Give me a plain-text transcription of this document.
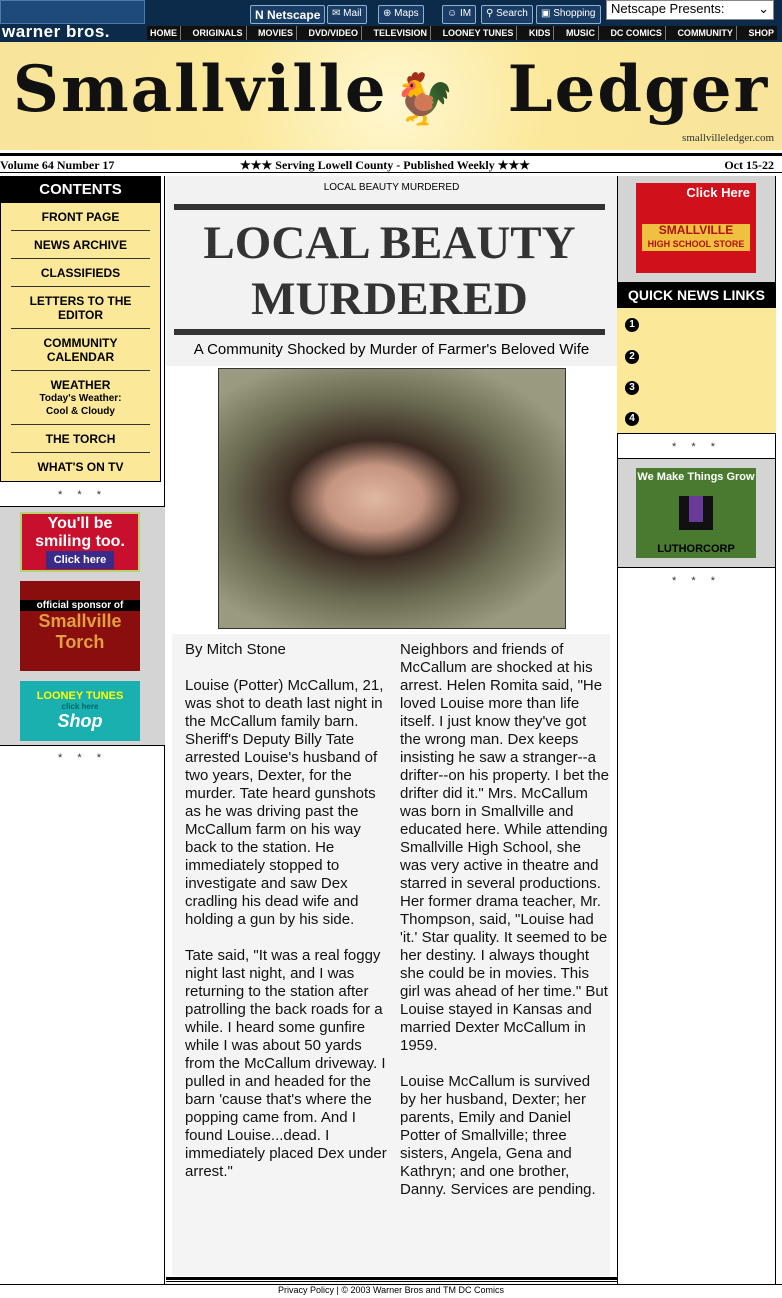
warner bros.
N Netscape	✉ Mail	⊕ Maps	☺ IM	⚲ Search	▣ Shopping	Netscape Presents:	⌄
HOME	ORIGINALS	MOVIES	DVD/VIDEO	TELEVISION	LOONEY TUNES	KIDS	MUSIC	DC COMICS	COMMUNITY	SHOP
Smallville Ledger
🐓
smallvilleledger.com
Volume 64 Number 17	★★★ Serving Lowell County - Published Weekly ★★★	Oct 15-22
CONTENTS
FRONT PAGE
NEWS ARCHIVE
CLASSIFIEDS
LETTERS TO THE EDITOR
COMMUNITY CALENDAR
WEATHER
Today's Weather:
Cool & Cloudy
THE TORCH
WHAT'S ON TV
* * *
You'll be smiling too.
Click here
official sponsor of
Smallville Torch
LOONEY TUNES
click here
Shop
* * *
LOCAL BEAUTY MURDERED
LOCAL BEAUTY MURDERED
A Community Shocked by Murder of Farmer's Beloved Wife

By Mitch Stone

Louise (Potter) McCallum, 21, was shot to death last night in the McCallum family barn. Sheriff's Deputy Billy Tate arrested Louise's husband of two years, Dexter, for the murder. Tate heard gunshots as he was driving past the McCallum farm on his way back to the station. He immediately stopped to investigate and saw Dex cradling his dead wife and holding a gun by his side.

Tate said, "It was a real foggy night last night, and I was returning to the station after patrolling the back roads for a while. I heard some gunfire while I was about 50 yards from the McCallum driveway. I pulled in and headed for the barn 'cause that's where the popping came from. And I found Louise...dead. I immediately placed Dex under arrest."

Neighbors and friends of McCallum are shocked at his arrest. Helen Romita said, "He loved Louise more than life itself. I just know they've got the wrong man. Dex keeps insisting he saw a stranger--a drifter--on his property. I bet the drifter did it." Mrs. McCallum was born in Smallville and educated here. While attending Smallville High School, she was very active in theatre and starred in several productions. Her former drama teacher, Mr. Thompson, said, "Louise had 'it.' Star quality. It seemed to be her destiny. I always thought she could be in movies. This girl was ahead of her time." But Louise stayed in Kansas and married Dexter McCallum in 1959.

Louise McCallum is survived by her husband, Dexter; her parents, Emily and Daniel Potter of Smallville; three sisters, Angela, Gena and Kathryn; and one brother, Danny. Services are pending.

Privacy Policy | © 2003 Warner Bros and TM DC Comics
Click Here
SMALLVILLE
HIGH SCHOOL STORE
QUICK NEWS LINKS
1
2
3
4
* * *
We Make Things Grow
LUTHORCORP
* * *
